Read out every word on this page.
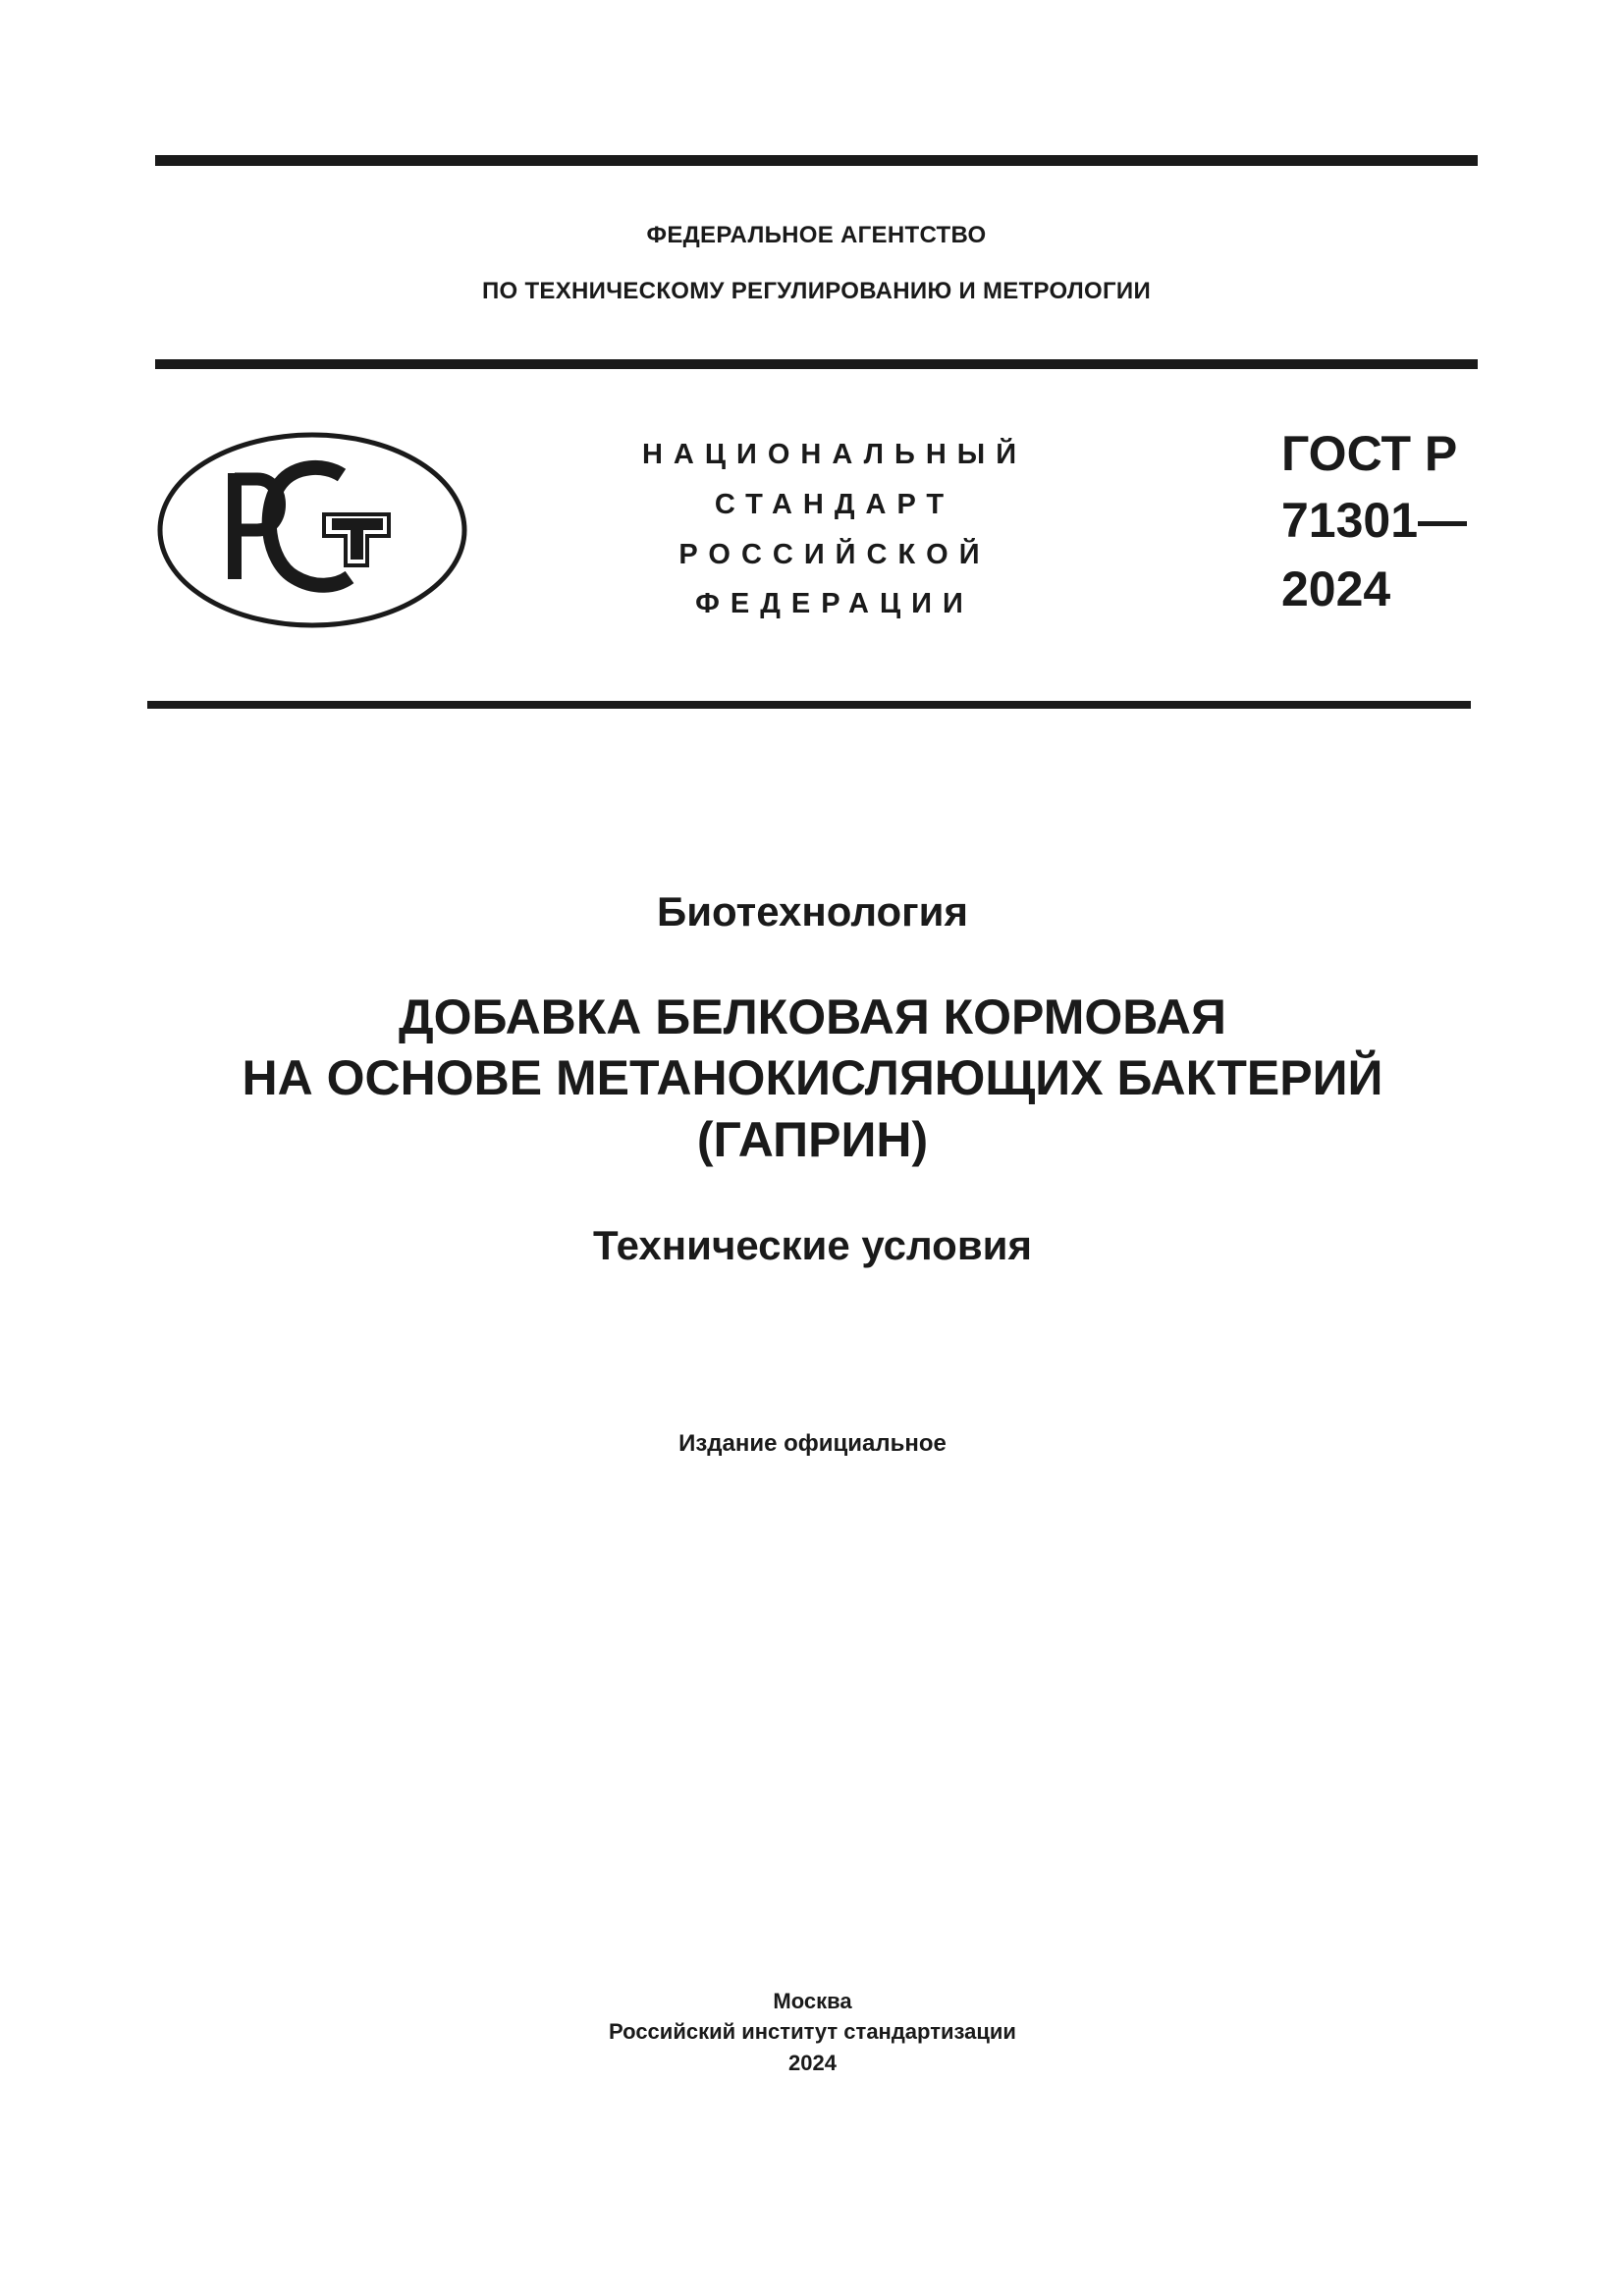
ФЕДЕРАЛЬНОЕ АГЕНТСТВО
ПО ТЕХНИЧЕСКОМУ РЕГУЛИРОВАНИЮ И МЕТРОЛОГИИ
НАЦИОНАЛЬНЫЙ
СТАНДАРТ
РОССИЙСКОЙ
ФЕДЕРАЦИИ
ГОСТ Р
71301—
2024
Биотехнология
ДОБАВКА БЕЛКОВАЯ КОРМОВАЯ
НА ОСНОВЕ МЕТАНОКИСЛЯЮЩИХ БАКТЕРИЙ
(ГАПРИН)
Технические условия
Издание официальное
Москва
Российский институт стандартизации
2024
